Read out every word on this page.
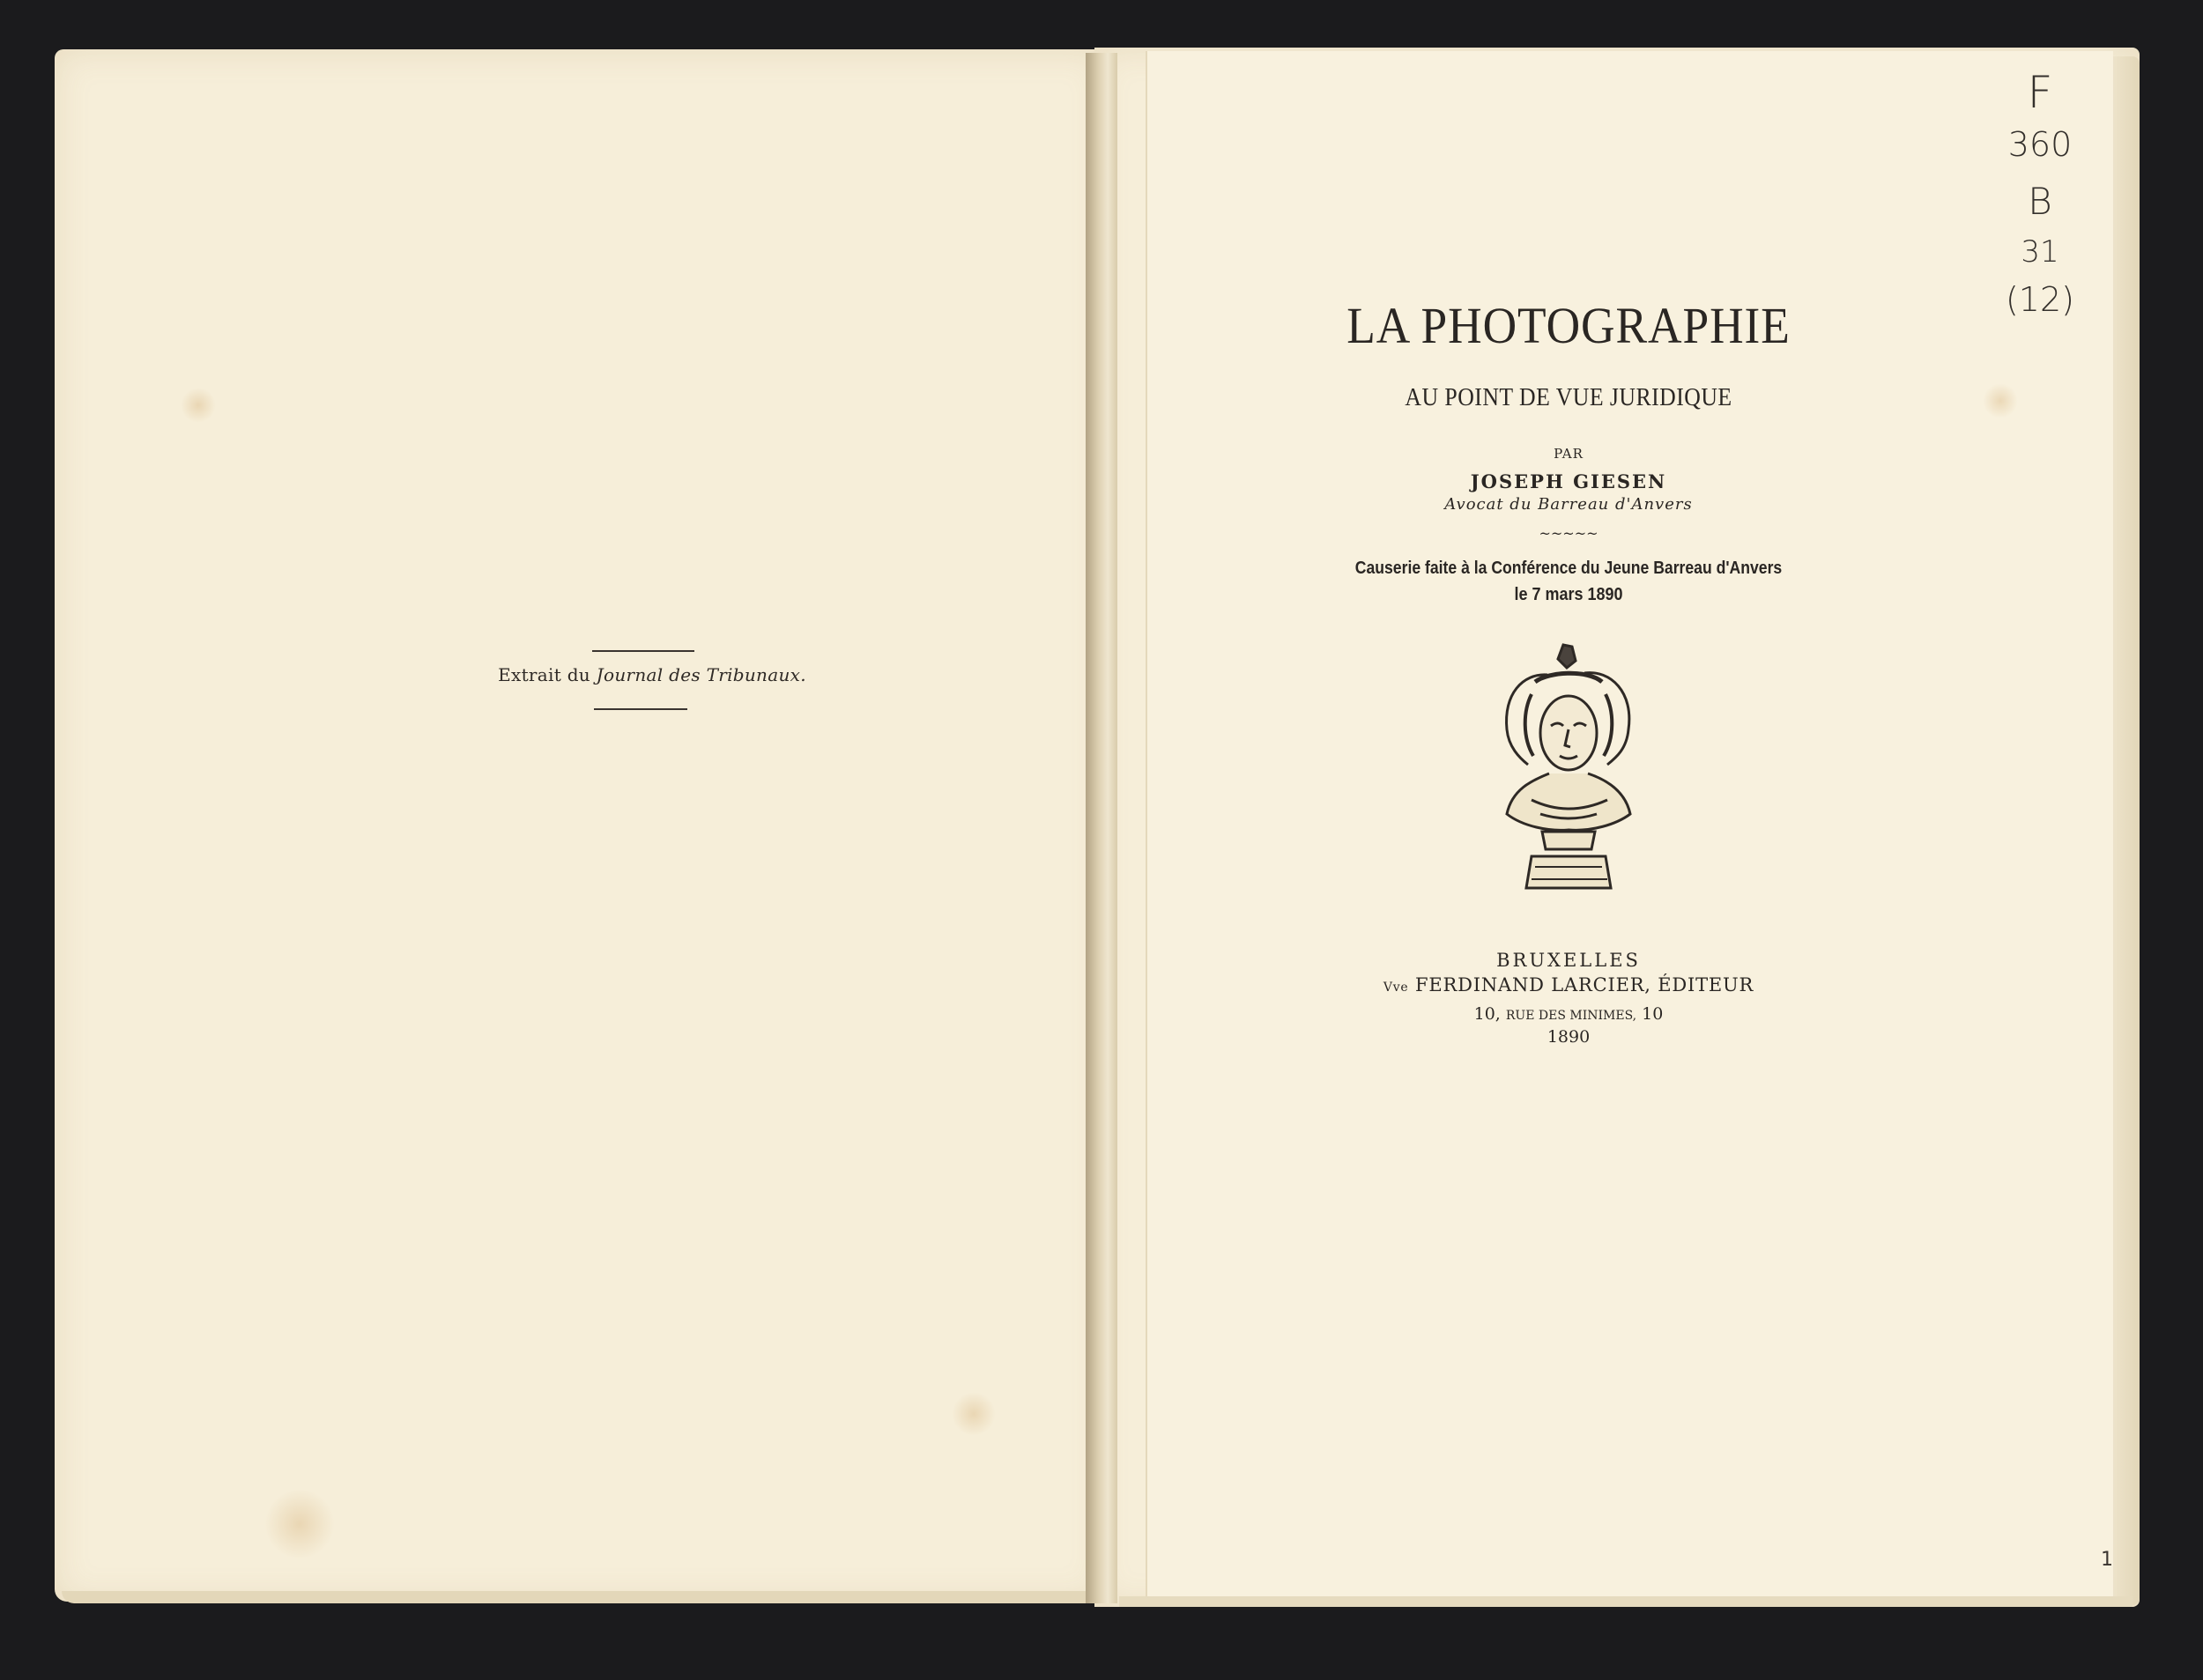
Extrait du Journal des Tribunaux.
LA PHOTOGRAPHIE
AU POINT DE VUE JURIDIQUE
PAR
JOSEPH GIESEN
Avocat du Barreau d'Anvers
~~~~~
Causerie faite à la Conférence du Jeune Barreau d'Anvers
le 7 mars 1890
BRUXELLES
Vve FERDINAND LARCIER, ÉDITEUR
10, RUE DES MINIMES, 10
1890
F
360
B
31
(12)
1
